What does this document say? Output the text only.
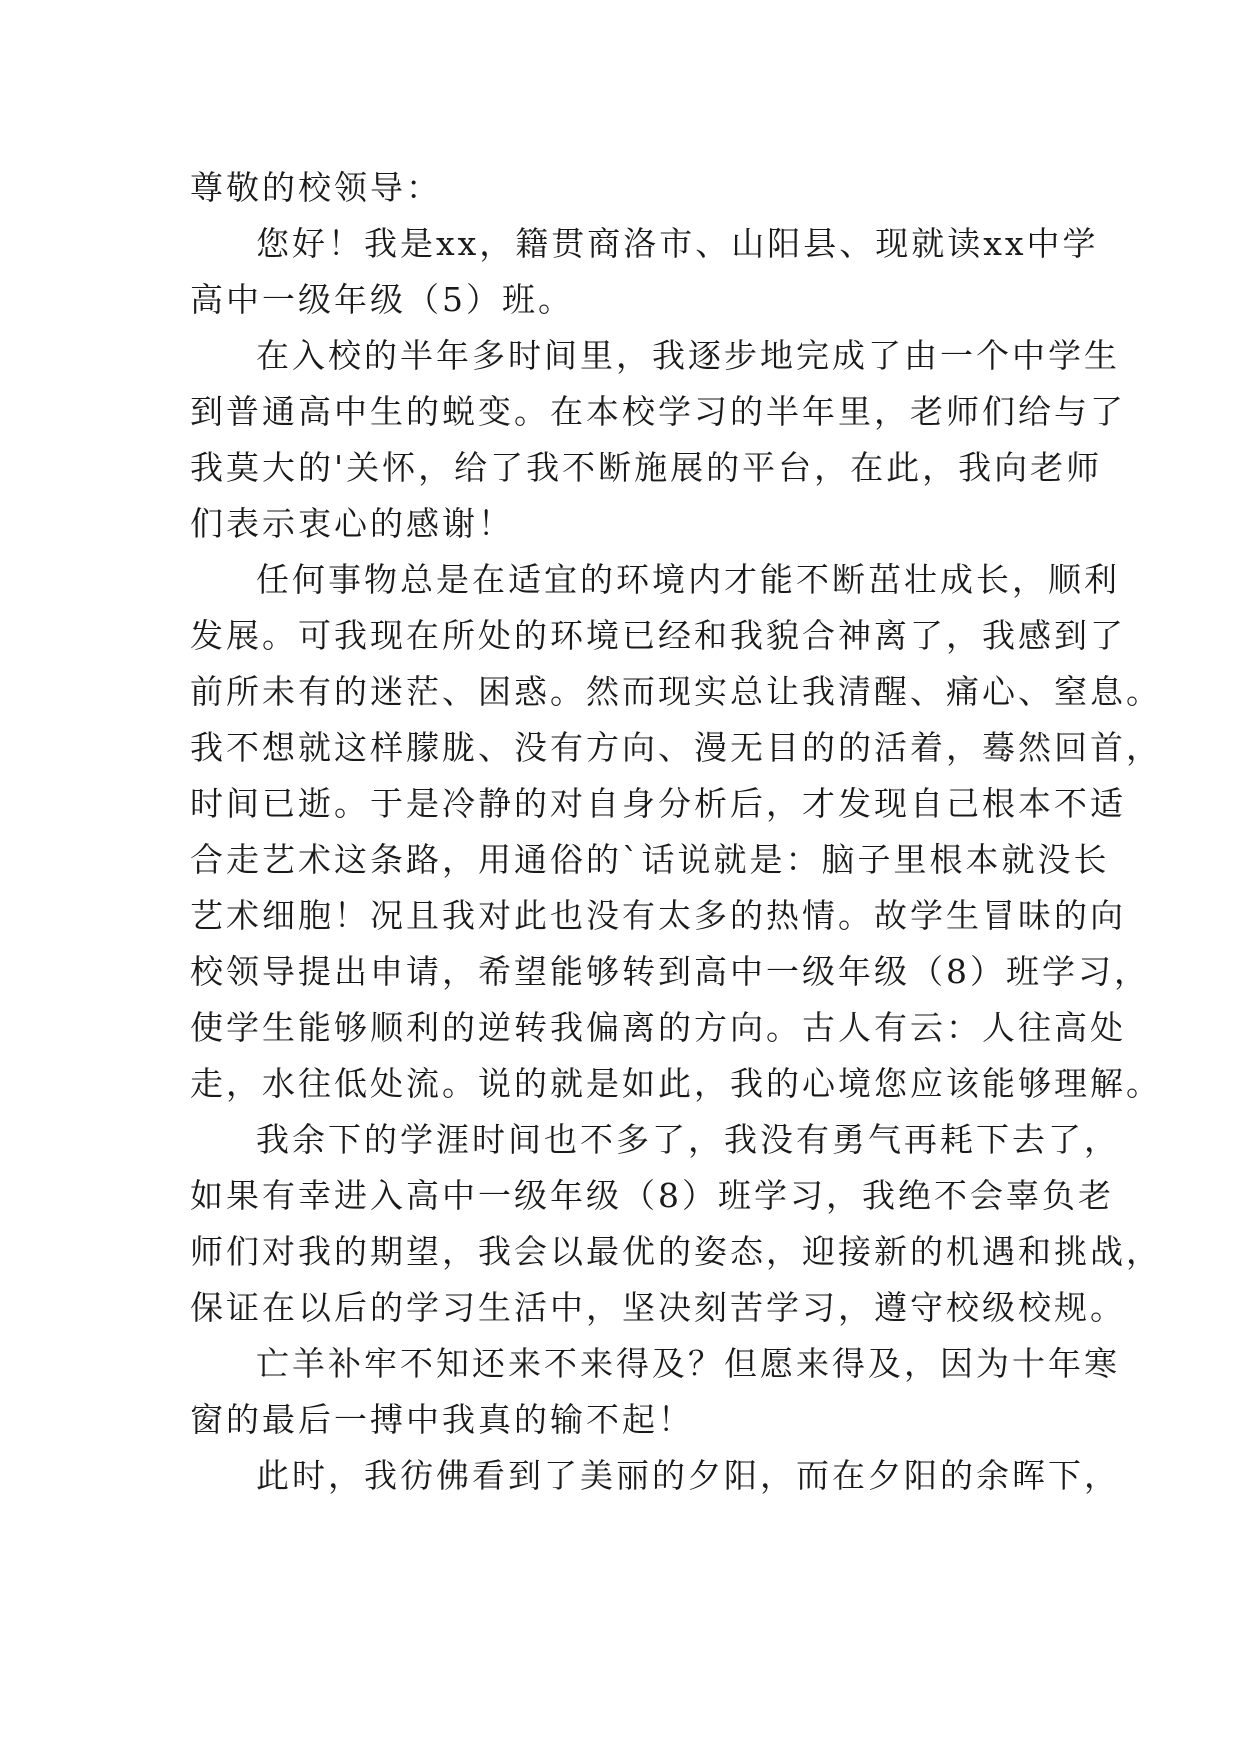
尊敬的校领导：
您好！我是xx，籍贯商洛市、山阳县、现就读xx中学
高中一级年级（5）班。
在入校的半年多时间里，我逐步地完成了由一个中学生
到普通高中生的蜕变。在本校学习的半年里，老师们给与了
我莫大的'关怀，给了我不断施展的平台，在此，我向老师
们表示衷心的感谢！
任何事物总是在适宜的环境内才能不断茁壮成长，顺利
发展。可我现在所处的环境已经和我貌合神离了，我感到了
前所未有的迷茫、困惑。然而现实总让我清醒、痛心、窒息。
我不想就这样朦胧、没有方向、漫无目的的活着，蓦然回首，
时间已逝。于是冷静的对自身分析后，才发现自己根本不适
合走艺术这条路，用通俗的`话说就是：脑子里根本就没长
艺术细胞！况且我对此也没有太多的热情。故学生冒昧的向
校领导提出申请，希望能够转到高中一级年级（8）班学习，
使学生能够顺利的逆转我偏离的方向。古人有云：人往高处
走，水往低处流。说的就是如此，我的心境您应该能够理解。
我余下的学涯时间也不多了，我没有勇气再耗下去了，
如果有幸进入高中一级年级（8）班学习，我绝不会辜负老
师们对我的期望，我会以最优的姿态，迎接新的机遇和挑战，
保证在以后的学习生活中，坚决刻苦学习，遵守校级校规。
亡羊补牢不知还来不来得及？但愿来得及，因为十年寒
窗的最后一搏中我真的输不起！
此时，我彷佛看到了美丽的夕阳，而在夕阳的余晖下，
